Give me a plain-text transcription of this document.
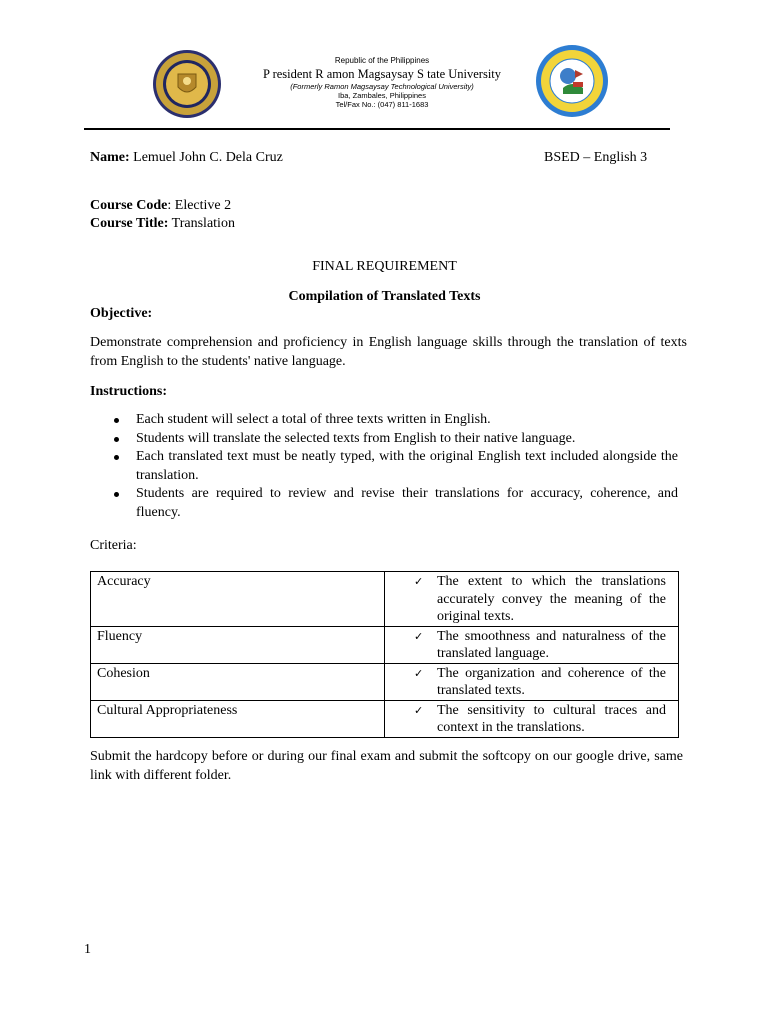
Republic of the Philippines
P resident R amon Magsaysay S tate University
(Formerly Ramon Magsaysay Technological University)
Iba, Zambales, Philippines
Tel/Fax No.: (047) 811-1683
Name: Lemuel John C. Dela Cruz	BSED – English 3
Course Code: Elective 2
Course Title: Translation
FINAL REQUIREMENT
Compilation of Translated Texts
Objective:
Demonstrate comprehension and proficiency in English language skills through the translation of texts from English to the students' native language.
Instructions:
Each student will select a total of three texts written in English.
Students will translate the selected texts from English to their native language.
Each translated text must be neatly typed, with the original English text included alongside the translation.
Students are required to review and revise their translations for accuracy, coherence, and fluency.
Criteria:
Accuracy	✓ The extent to which the translations accurately convey the meaning of the original texts.

Fluency	✓ The smoothness and naturalness of the translated language.

Cohesion	✓ The organization and coherence of the translated texts.

Cultural Appropriateness	✓ The sensitivity to cultural traces and context in the translations.
Submit the hardcopy before or during our final exam and submit the softcopy on our google drive, same link with different folder.
1
